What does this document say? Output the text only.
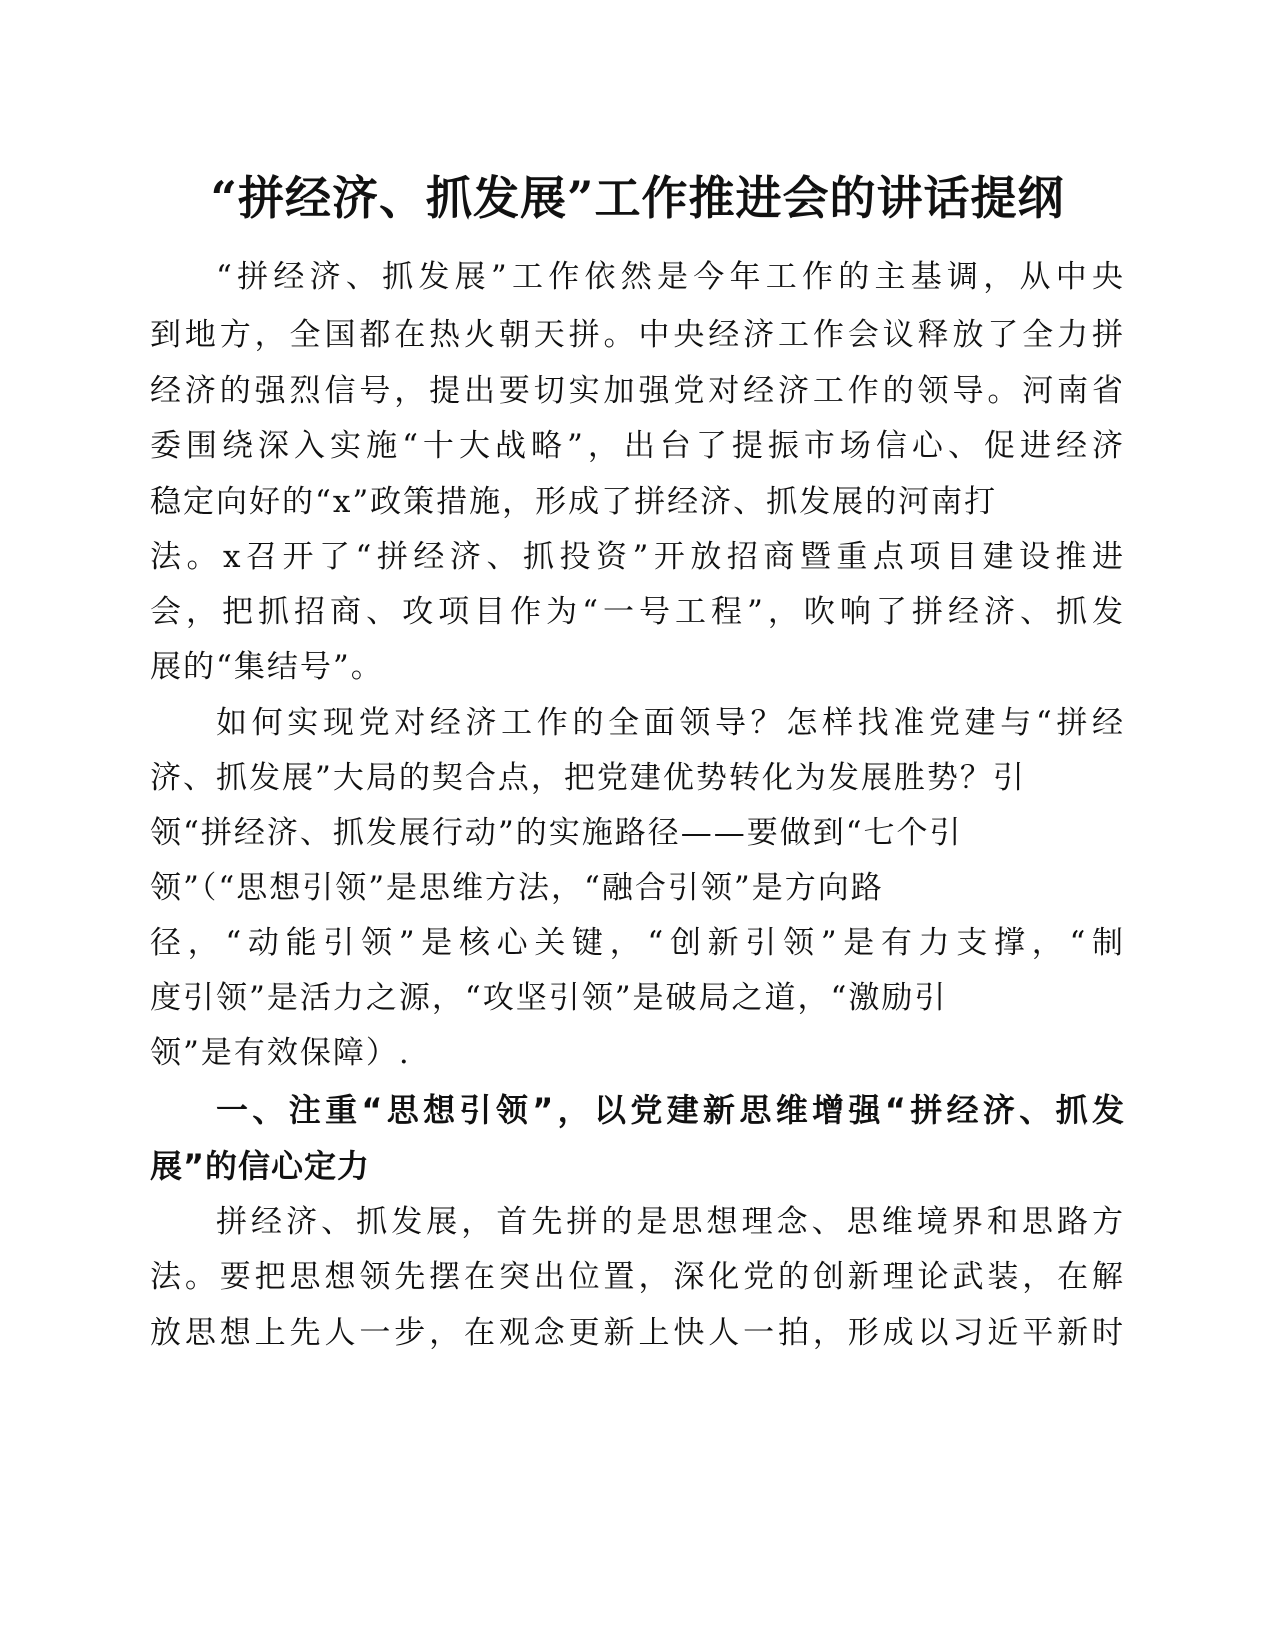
“拼经济、抓发展”工作推进会的讲话提纲
“拼经济、抓发展”工作依然是今年工作的主基调，从中央
到地方，全国都在热火朝天拼。中央经济工作会议释放了全力拼
经济的强烈信号，提出要切实加强党对经济工作的领导。河南省
委围绕深入实施“十大战略”，出台了提振市场信心、促进经济
稳定向好的“x”政策措施，形成了拼经济、抓发展的河南打
法。x召开了“拼经济、抓投资”开放招商暨重点项目建设推进
会，把抓招商、攻项目作为“一号工程”，吹响了拼经济、抓发
展的“集结号”。
如何实现党对经济工作的全面领导？怎样找准党建与“拼经
济、抓发展”大局的契合点，把党建优势转化为发展胜势？引
领“拼经济、抓发展行动”的实施路径——要做到“七个引
领”（“思想引领”是思维方法，“融合引领”是方向路
径，“动能引领”是核心关键，“创新引领”是有力支撑，“制
度引领”是活力之源，“攻坚引领”是破局之道，“激励引
领”是有效保障）.
一、注重“思想引领”，以党建新思维增强“拼经济、抓发
展”的信心定力
拼经济、抓发展，首先拼的是思想理念、思维境界和思路方
法。要把思想领先摆在突出位置，深化党的创新理论武装，在解
放思想上先人一步，在观念更新上快人一拍，形成以习近平新时
